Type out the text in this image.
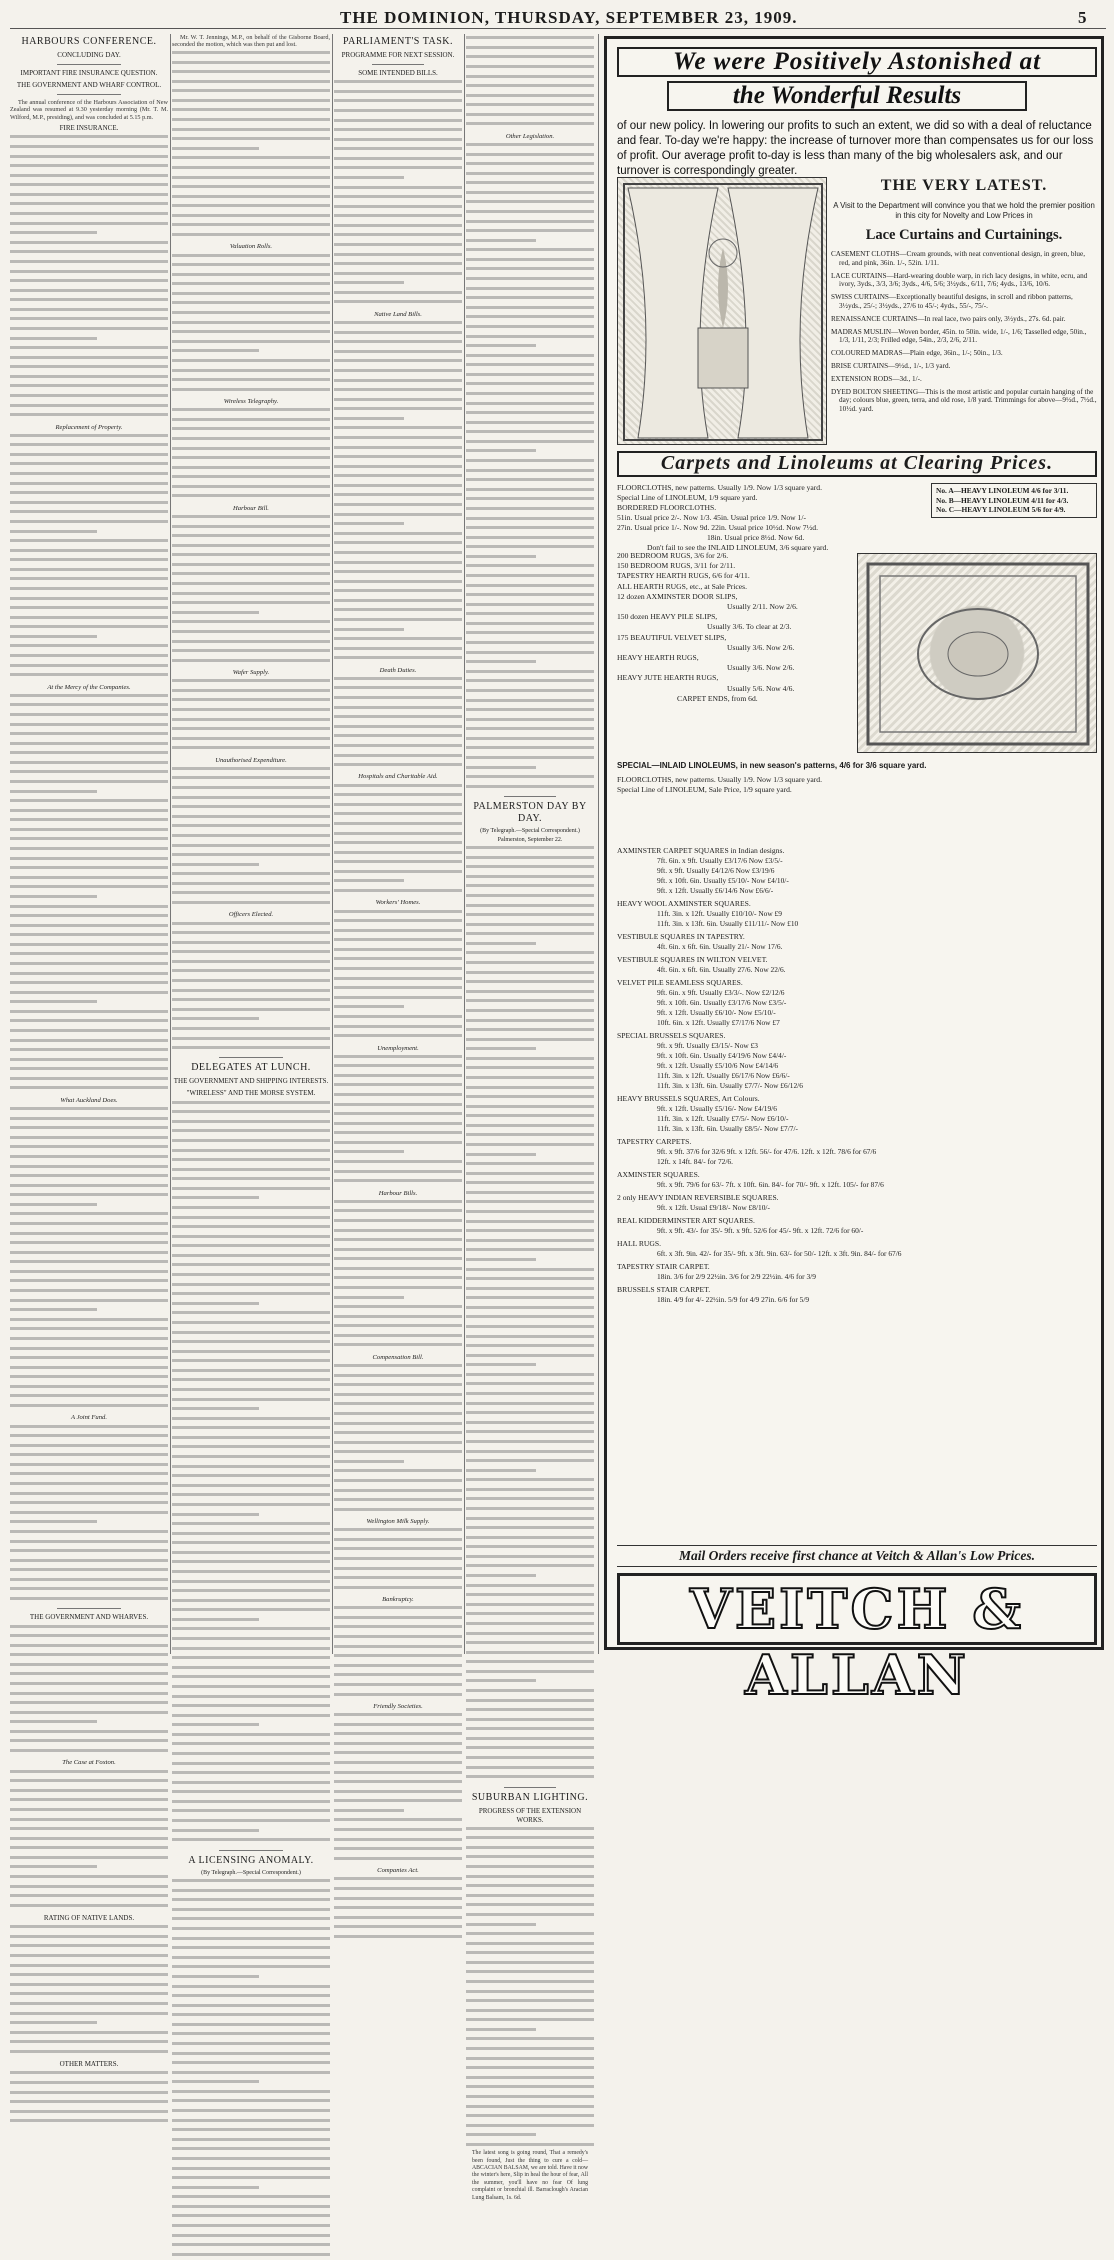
THE DOMINION, THURSDAY, SEPTEMBER 23, 1909.	5
HARBOURS CONFERENCE.
CONCLUDING DAY.
IMPORTANT FIRE INSURANCE QUESTION.
THE GOVERNMENT AND WHARF CONTROL.

The annual conference of the Harbours Association of New Zealand was resumed at 9.30 yesterday morning (Mr. T. M. Wilford, M.P., presiding), and was concluded at 5.15 p.m.

FIRE INSURANCE.
Replacement of Property.
At the Mercy of the Companies.
What Auckland Does.
A Joint Fund.
THE GOVERNMENT AND WHARVES.
The Case at Foxton.
RATING OF NATIVE LANDS.
OTHER MATTERS.

Mr. W. T. Jennings, M.P., on behalf of the Gisborne Board, seconded the motion, which was then put and lost.

Valuation Rolls.
Wireless Telegraphy.
Harbour Bill.
Wafer Supply.
Unauthorised Expenditure.
Officers Elected.
DELEGATES AT LUNCH.
THE GOVERNMENT AND SHIPPING INTERESTS.
"WIRELESS" AND THE MORSE SYSTEM.
A LICENSING ANOMALY.
(By Telegraph.—Special Correspondent.)
PARLIAMENT'S TASK.
PROGRAMME FOR NEXT SESSION.
SOME INTENDED BILLS.
Native Land Bills.
Death Duties.
Hospitals and Charitable Aid.
Workers' Homes.
Unemployment.
Harbour Bills.
Compensation Bill.
Wellington Milk Supply.
Bankruptcy.
Friendly Societies.
Companies Act.
Other Legislation.
PALMERSTON DAY BY DAY.
(By Telegraph.—Special Correspondent.)
Palmerston, September 22.
SUBURBAN LIGHTING.
PROGRESS OF THE EXTENSION WORKS.

The latest song is going round, That a remedy's been found, Just the thing to cure a cold— ABCACIAN BALSAM, we are told. Have it now the winter's here, Slip in heal the hour of fear, All the summer, you'll have no fear Of lung complaint or bronchial ill. Barraclough's Aracian Lung Balsam, 1s. 6d.

We were Positively Astonished at
the Wonderful Results
of our new policy. In lowering our profits to such an extent, we did so with a deal of reluctance and fear. To-day we're happy: the increase of turnover more than compensates us for our loss of profit. Our average profit to-day is less than many of the big wholesalers ask, and our turnover is correspondingly greater.
THE VERY LATEST.
A Visit to the Department will convince you that we hold the premier position in this city for Novelty and Low Prices in
Lace Curtains and Curtainings.
CASEMENT CLOTHS—Cream grounds, with neat conventional design, in green, blue, red, and pink, 36in. 1/-, 52in. 1/11.
LACE CURTAINS—Hard-wearing double warp, in rich lacy designs, in white, ecru, and ivory, 3yds., 3/3, 3/6; 3yds., 4/6, 5/6; 3½yds., 6/11, 7/6; 4yds., 13/6, 10/6.
SWISS CURTAINS—Exceptionally beautiful designs, in scroll and ribbon patterns, 3½yds., 25/-; 3½yds., 27/6 to 45/-; 4yds., 55/-, 75/-.
RENAISSANCE CURTAINS—In real lace, two pairs only, 3½yds., 27s. 6d. pair.
MADRAS MUSLIN—Woven border, 45in. to 50in. wide, 1/-, 1/6; Tasselled edge, 50in., 1/3, 1/11, 2/3; Frilled edge, 54in., 2/3, 2/6, 2/11.
COLOURED MADRAS—Plain edge, 36in., 1/-; 50in., 1/3.
BRISE CURTAINS—9½d., 1/-, 1/3 yard.
EXTENSION RODS—3d., 1/-.
DYED BOLTON SHEETING—This is the most artistic and popular curtain hanging of the day; colours blue, green, terra, and old rose, 1/8 yard. Trimmings for above—9½d., 7½d., 10½d. yard.
Carpets and Linoleums at Clearing Prices.
FLOORCLOTHS, new patterns. Usually 1/9. Now 1/3 square yard.
Special Line of LINOLEUM, 1/9 square yard.
BORDERED FLOORCLOTHS.
51in. Usual price 2/-. Now 1/3. 45in. Usual price 1/9. Now 1/-
27in. Usual price 1/-. Now 9d. 22in. Usual price 10½d. Now 7½d.
18in. Usual price 8½d. Now 6d.
Don't fail to see the INLAID LINOLEUM, 3/6 square yard.
No. A—HEAVY LINOLEUM 4/6 for 3/11.
No. B—HEAVY LINOLEUM 4/11 for 4/3.
No. C—HEAVY LINOLEUM 5/6 for 4/9.
200 BEDROOM RUGS, 3/6 for 2/6.
150 BEDROOM RUGS, 3/11 for 2/11.
TAPESTRY HEARTH RUGS, 6/6 for 4/11.
ALL HEARTH RUGS, etc., at Sale Prices.
12 dozen AXMINSTER DOOR SLIPS,
Usually 2/11. Now 2/6.
150 dozen HEAVY PILE SLIPS,
Usually 3/6. To clear at 2/3.
175 BEAUTIFUL VELVET SLIPS,
Usually 3/6. Now 2/6.
HEAVY HEARTH RUGS,
Usually 3/6. Now 2/6.
HEAVY JUTE HEARTH RUGS,
Usually 5/6. Now 4/6.
CARPET ENDS, from 6d.
SPECIAL—INLAID LINOLEUMS, in new season's patterns, 4/6 for 3/6 square yard.
FLOORCLOTHS, new patterns. Usually 1/9. Now 1/3 square yard.
Special Line of LINOLEUM, Sale Price, 1/9 square yard.
AXMINSTER CARPET SQUARES in Indian designs.
7ft. 6in. x 9ft. Usually £3/17/6 Now £3/5/-
9ft. x 9ft. Usually £4/12/6 Now £3/19/6
9ft. x 10ft. 6in. Usually £5/10/- Now £4/10/-
9ft. x 12ft. Usually £6/14/6 Now £6/6/-
HEAVY WOOL AXMINSTER SQUARES.
11ft. 3in. x 12ft. Usually £10/10/- Now £9
11ft. 3in. x 13ft. 6in. Usually £11/11/- Now £10
VESTIBULE SQUARES IN TAPESTRY.
4ft. 6in. x 6ft. 6in. Usually 21/- Now 17/6.
VESTIBULE SQUARES IN WILTON VELVET.
4ft. 6in. x 6ft. 6in. Usually 27/6. Now 22/6.
VELVET PILE SEAMLESS SQUARES.
9ft. 6in. x 9ft. Usually £3/3/-. Now £2/12/6
9ft. x 10ft. 6in. Usually £3/17/6 Now £3/5/-
9ft. x 12ft. Usually £6/10/- Now £5/10/-
10ft. 6in. x 12ft. Usually £7/17/6 Now £7
SPECIAL BRUSSELS SQUARES.
9ft. x 9ft. Usually £3/15/- Now £3
9ft. x 10ft. 6in. Usually £4/19/6 Now £4/4/-
9ft. x 12ft. Usually £5/10/6 Now £4/14/6
11ft. 3in. x 12ft. Usually £6/17/6 Now £6/6/-
11ft. 3in. x 13ft. 6in. Usually £7/7/- Now £6/12/6
HEAVY BRUSSELS SQUARES, Art Colours.
9ft. x 12ft. Usually £5/16/- Now £4/19/6
11ft. 3in. x 12ft. Usually £7/5/- Now £6/10/-
11ft. 3in. x 13ft. 6in. Usually £8/5/- Now £7/7/-
TAPESTRY CARPETS.
9ft. x 9ft. 37/6 for 32/6 9ft. x 12ft. 56/- for 47/6. 12ft. x 12ft. 78/6 for 67/6
12ft. x 14ft. 84/- for 72/6.
AXMINSTER SQUARES.
9ft. x 9ft. 79/6 for 63/- 7ft. x 10ft. 6in. 84/- for 70/- 9ft. x 12ft. 105/- for 87/6
2 only HEAVY INDIAN REVERSIBLE SQUARES.
9ft. x 12ft. Usual £9/18/- Now £8/10/-
REAL KIDDERMINSTER ART SQUARES.
9ft. x 9ft. 43/- for 35/- 9ft. x 9ft. 52/6 for 45/- 9ft. x 12ft. 72/6 for 60/-
HALL RUGS.
6ft. x 3ft. 9in. 42/- for 35/- 9ft. x 3ft. 9in. 63/- for 50/- 12ft. x 3ft. 9in. 84/- for 67/6
TAPESTRY STAIR CARPET.
18in. 3/6 for 2/9 22½in. 3/6 for 2/9 22½in. 4/6 for 3/9
BRUSSELS STAIR CARPET.
18in. 4/9 for 4/- 22½in. 5/9 for 4/9 27in. 6/6 for 5/9
Mail Orders receive first chance at Veitch & Allan's Low Prices.
VEITCH & ALLAN
